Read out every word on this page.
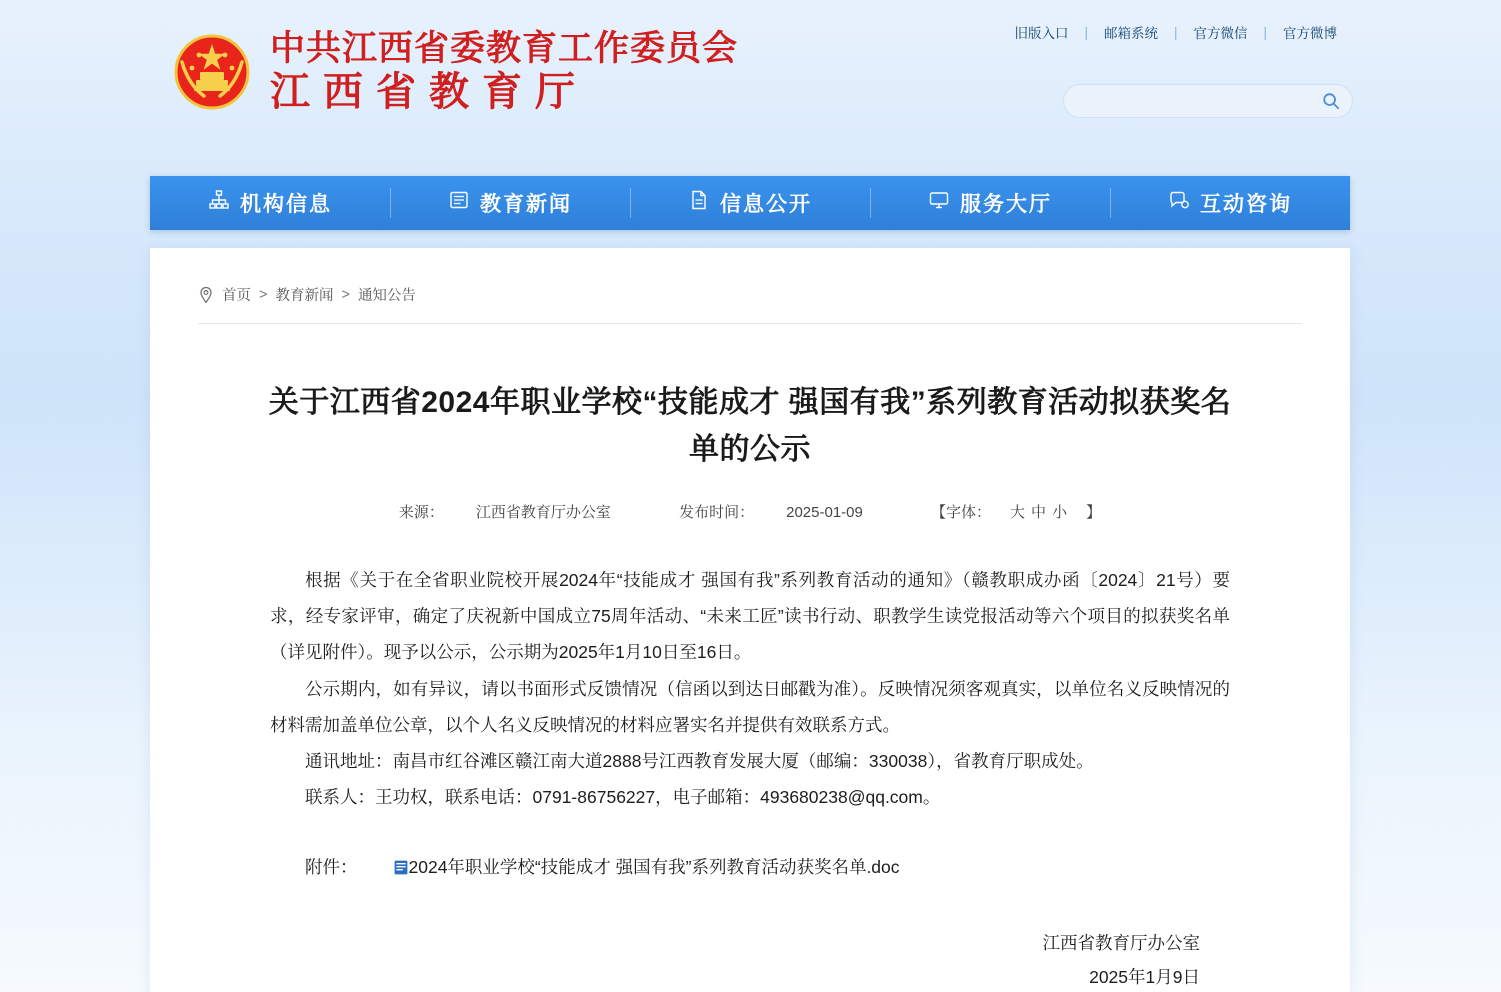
旧版入口	|	邮箱系统	|	官方微信	|	官方微博
中共江西省委教育工作委员会
江西省教育厅
机构信息	教育新闻	信息公开	服务大厅	互动咨询
首页 > 教育新闻 > 通知公告
关于江西省2024年职业学校“技能成才 强国有我”系列教育活动拟获奖名单的公示
来源： 江西省教育厅办公室	发布时间： 2025-01-09	【字体： 大 中 小 】

根据《关于在全省职业院校开展2024年“技能成才 强国有我”系列教育活动的通知》（赣教职成办函〔2024〕21号）要求，经专家评审，确定了庆祝新中国成立75周年活动、“未来工匠”读书行动、职教学生读党报活动等六个项目的拟获奖名单（详见附件）。现予以公示，公示期为2025年1月10日至16日。

公示期内，如有异议，请以书面形式反馈情况（信函以到达日邮戳为准）。反映情况须客观真实，以单位名义反映情况的材料需加盖单位公章，以个人名义反映情况的材料应署实名并提供有效联系方式。

通讯地址：南昌市红谷滩区赣江南大道2888号江西教育发展大厦（邮编：330038），省教育厅职成处。

联系人：王功权，联系电话：0791-86756227，电子邮箱：493680238@qq.com。

附件：	2024年职业学校“技能成才 强国有我”系列教育活动获奖名单.doc
江西省教育厅办公室
2025年1月9日
